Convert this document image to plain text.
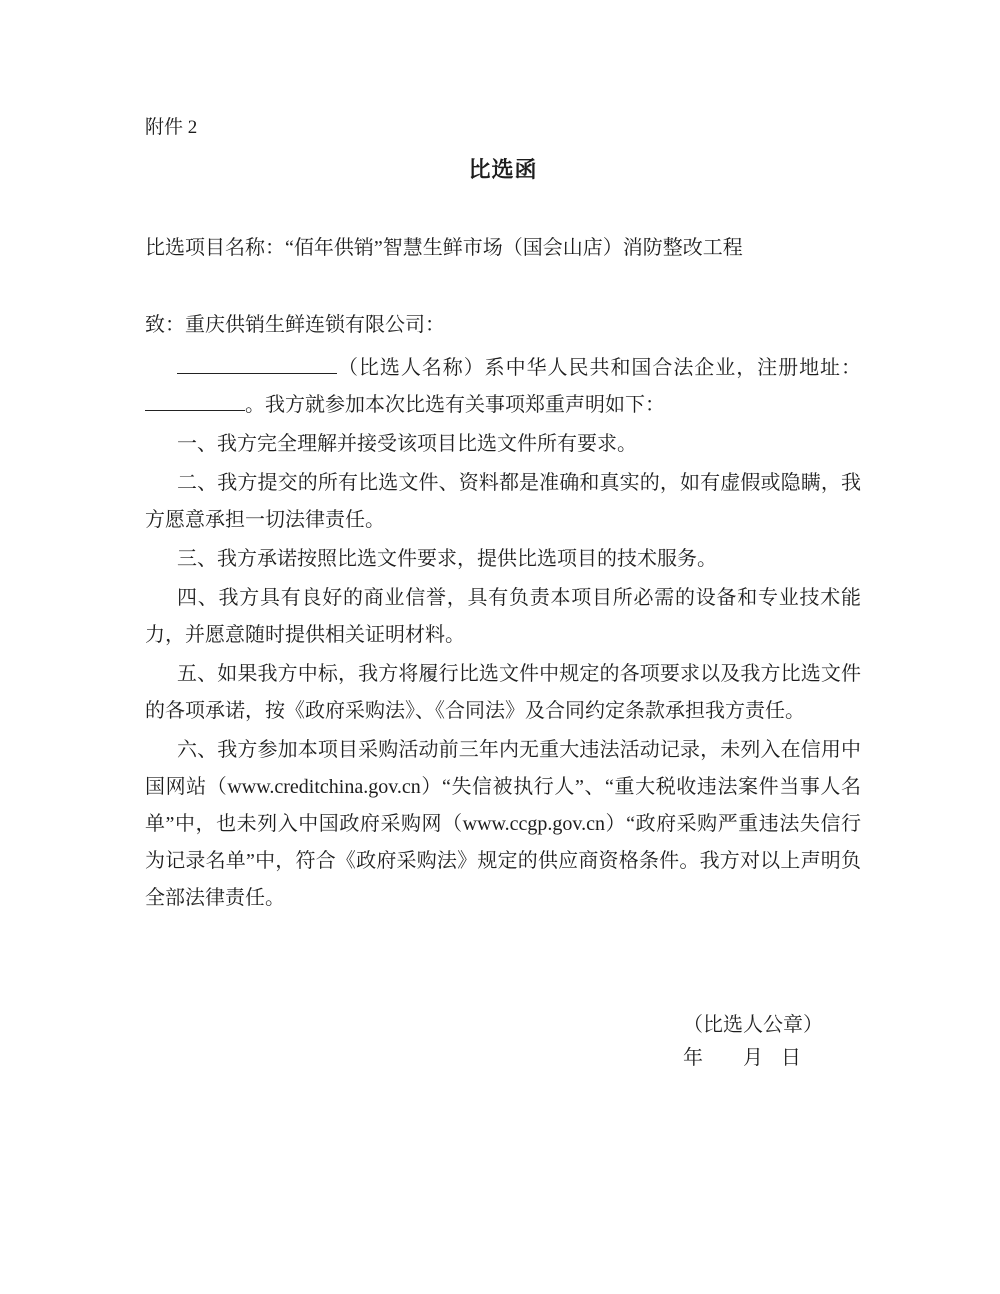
附件 2
比选函
比选项目名称：“佰年供销”智慧生鲜市场（国会山店）消防整改工程
致：重庆供销生鲜连锁有限公司：

（比选人名称）系中华人民共和国合法企业，注册地址：。我方就参加本次比选有关事项郑重声明如下：

一、我方完全理解并接受该项目比选文件所有要求。

二、我方提交的所有比选文件、资料都是准确和真实的，如有虚假或隐瞒，我方愿意承担一切法律责任。

三、我方承诺按照比选文件要求，提供比选项目的技术服务。

四、我方具有良好的商业信誉，具有负责本项目所必需的设备和专业技术能力，并愿意随时提供相关证明材料。

五、如果我方中标，我方将履行比选文件中规定的各项要求以及我方比选文件的各项承诺，按《政府采购法》、《合同法》及合同约定条款承担我方责任。

六、我方参加本项目采购活动前三年内无重大违法活动记录，未列入在信用中国网站（www.creditchina.gov.cn）“失信被执行人”、“重大税收违法案件当事人名单”中，也未列入中国政府采购网（www.ccgp.gov.cn）“政府采购严重违法失信行为记录名单”中，符合《政府采购法》规定的供应商资格条件。我方对以上声明负全部法律责任。

（比选人公章）
年 月 日
